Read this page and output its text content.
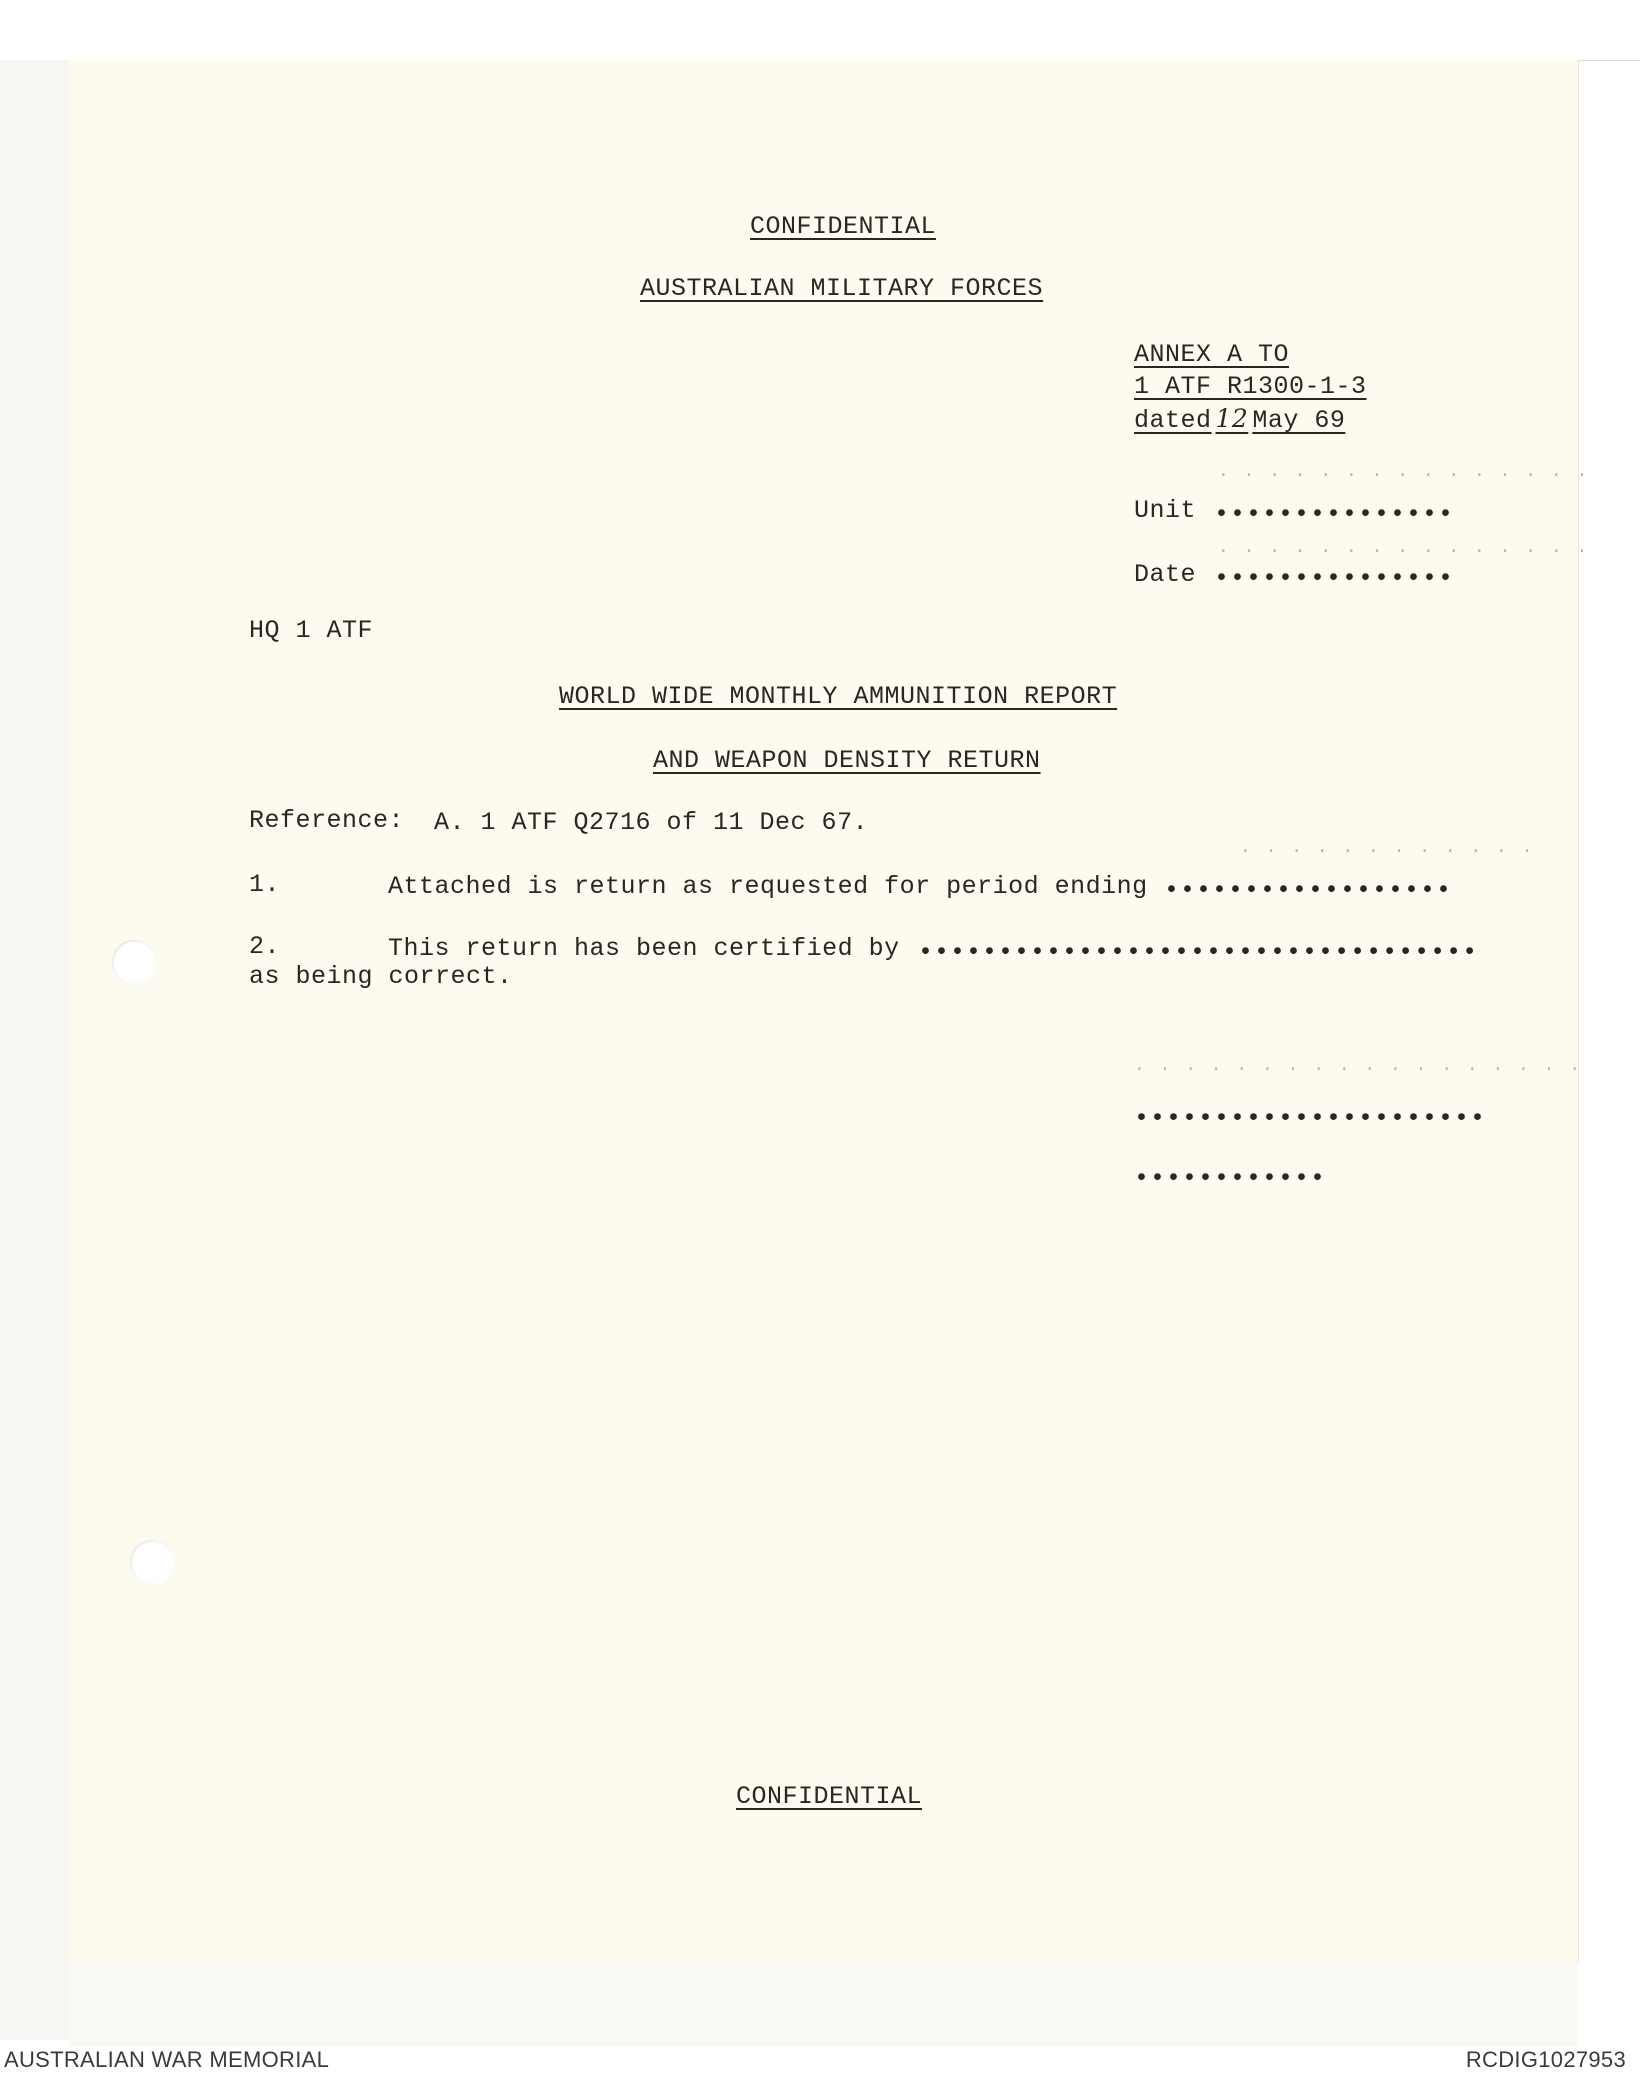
CONFIDENTIAL
AUSTRALIAN MILITARY FORCES
ANNEX A TO
1 ATF R1300-1-3
dated 12 May 69
. . . . . . . . . . . . . . .
Unit •••••••••••••••
. . . . . . . . . . . . . . .
Date •••••••••••••••
HQ 1 ATF
WORLD WIDE MONTHLY AMMUNITION REPORT
AND WEAPON DENSITY RETURN
Reference: A. 1 ATF Q2716 of 11 Dec 67.
. . . . . . . . . . . .
1.	Attached is return as requested for period ending ••••••••••••••••••
2.	This return has been certified by •••••••••••••••••••••••••••••••••••
as being correct.
. . . . . . . . . . . . . . . . . .
••••••••••••••••••••••
••••••••••••
CONFIDENTIAL
AUSTRALIAN WAR MEMORIAL	RCDIG1027953
